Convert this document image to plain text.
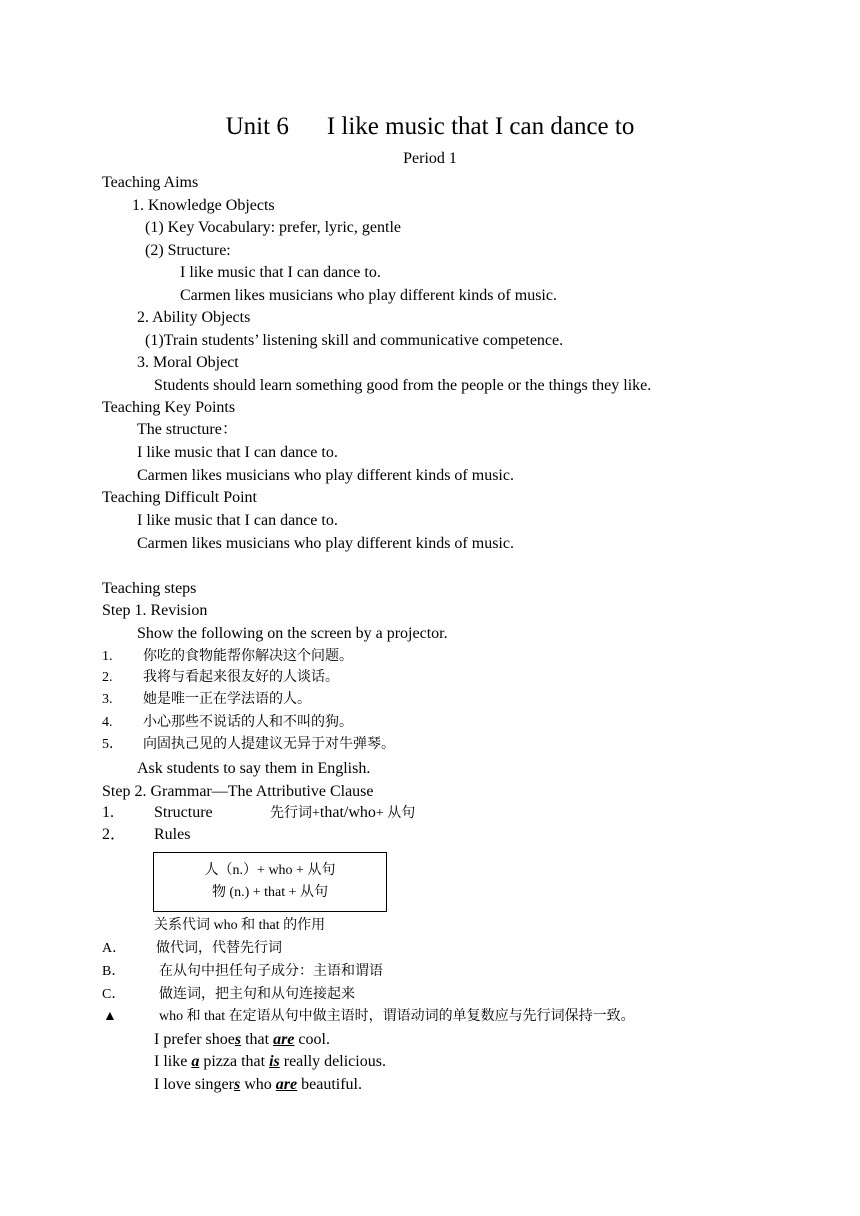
Unit 6 I like music that I can dance to
Period 1
Teaching Aims
1. Knowledge Objects
(1) Key Vocabulary: prefer, lyric, gentle
(2) Structure:
I like music that I can dance to.
Carmen likes musicians who play different kinds of music.
2. Ability Objects
(1)Train students’ listening skill and communicative competence.
3. Moral Object
Students should learn something good from the people or the things they like.
Teaching Key Points
The structure：
I like music that I can dance to.
Carmen likes musicians who play different kinds of music.
Teaching Difficult Point
I like music that I can dance to.
Carmen likes musicians who play different kinds of music.
Teaching steps
Step 1. Revision
Show the following on the screen by a projector.
1. 你吃的食物能帮你解决这个问题。
2. 我将与看起来很友好的人谈话。
3. 她是唯一正在学法语的人。
4. 小心那些不说话的人和不叫的狗。
5． 向固执己见的人提建议无异于对牛弹琴。
Ask students to say them in English.
Step 2. Grammar—The Attributive Clause
1.	Structure	先行词+that/who+ 从句
2． Rules
人（n.）+ who + 从句
物 (n.) + that + 从句
关系代词 who 和 that 的作用
A． 做代词，代替先行词
B． 在从句中担任句子成分：主语和谓语
C． 做连词，把主句和从句连接起来
▲	who 和 that 在定语从句中做主语时，谓语动词的单复数应与先行词保持一致。
I prefer shoes that are cool.
I like a pizza that is really delicious.
I love singers who are beautiful.
